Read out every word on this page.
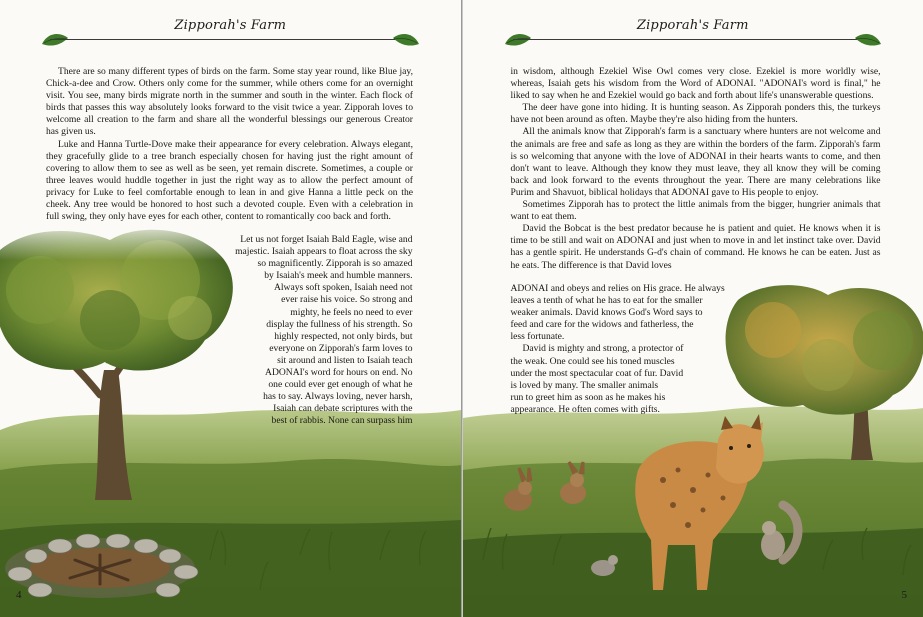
Zipporah's Farm

There are so many different types of birds on the farm. Some stay year round, like Blue jay, Chick-a-dee and Crow. Others only come for the summer, while others come for an overnight visit. You see, many birds migrate north in the summer and south in the winter. Each flock of birds that passes this way absolutely looks forward to the visit twice a year. Zipporah loves to welcome all creation to the farm and share all the wonderful blessings our generous Creator has given us.

Luke and Hanna Turtle-Dove make their appearance for every celebration. Always elegant, they gracefully glide to a tree branch especially chosen for having just the right amount of covering to allow them to see as well as be seen, yet remain discrete. Sometimes, a couple or three leaves would huddle together in just the right way as to allow the perfect amount of privacy for Luke to feel comfortable enough to lean in and give Hanna a little peck on the cheek. Any tree would be honored to host such a devoted couple. Even with a celebration in full swing, they only have eyes for each other, content to romantically coo back and forth.

Let us not forget Isaiah Bald Eagle, wise and
majestic. Isaiah appears to float across the sky
so magnificently. Zipporah is so amazed
by Isaiah's meek and humble manners.
Always soft spoken, Isaiah need not
ever raise his voice. So strong and
mighty, he feels no need to ever
display the fullness of his strength. So
highly respected, not only birds, but
everyone on Zipporah's farm loves to
sit around and listen to Isaiah teach
ADONAI's word for hours on end. No
one could ever get enough of what he
has to say. Always loving, never harsh,
Isaiah can debate scriptures with the
best of rabbis. None can surpass him
4
Zipporah's Farm

in wisdom, although Ezekiel Wise Owl comes very close. Ezekiel is more worldly wise, whereas, Isaiah gets his wisdom from the Word of ADONAI. "ADONAI's word is final," he liked to say when he and Ezekiel would go back and forth about life's unanswerable questions.

The deer have gone into hiding. It is hunting season. As Zipporah ponders this, the turkeys have not been around as often. Maybe they're also hiding from the hunters.

All the animals know that Zipporah's farm is a sanctuary where hunters are not welcome and the animals are free and safe as long as they are within the borders of the farm. Zipporah's farm is so welcoming that anyone with the love of ADONAI in their hearts wants to come, and then don't want to leave. Although they know they must leave, they all know they will be coming back and look forward to the events throughout the year. There are many celebrations like Purim and Shavuot, biblical holidays that ADONAI gave to His people to enjoy.

Sometimes Zipporah has to protect the little animals from the bigger, hungrier animals that want to eat them.

David the Bobcat is the best predator because he is patient and quiet. He knows when it is time to be still and wait on ADONAI and just when to move in and let instinct take over. David has a gentle spirit. He understands G-d's chain of command. He knows he can be eaten. Just as he eats. The difference is that David loves

ADONAI and obeys and relies on His grace. He always
leaves a tenth of what he has to eat for the smaller
weaker animals. David knows God's Word says to
feed and care for the widows and fatherless, the
less fortunate.
David is mighty and strong, a protector of
the weak. One could see his toned muscles
under the most spectacular coat of fur. David
is loved by many. The smaller animals
run to greet him as soon as he makes his
appearance. He often comes with gifts.
5
